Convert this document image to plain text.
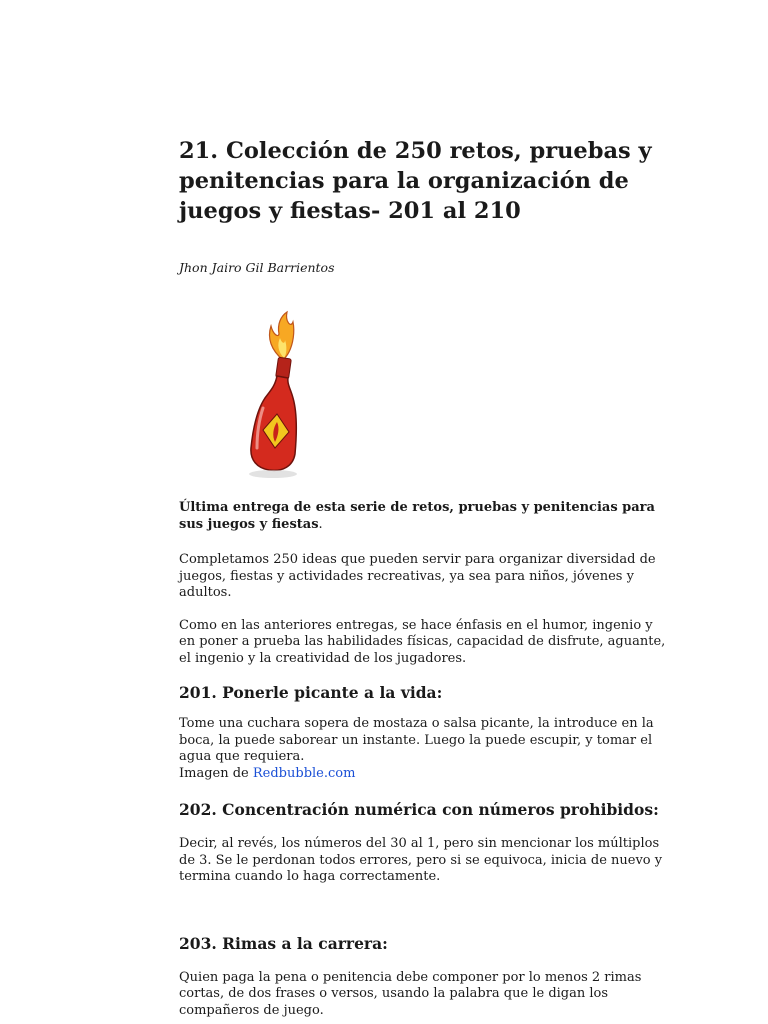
21. Colección de 250 retos, pruebas y penitencias para la organización de juegos y fiestas- 201 al 210
Jhon Jairo Gil Barrientos

Última entrega de esta serie de retos, pruebas y penitencias para sus juegos y fiestas.

Completamos 250 ideas que pueden servir para organizar diversidad de juegos, fiestas y actividades recreativas, ya sea para niños, jóvenes y adultos.

Como en las anteriores entregas, se hace énfasis en el humor, ingenio y en poner a prueba las habilidades físicas, capacidad de disfrute, aguante, el ingenio y la creatividad de los jugadores.

201. Ponerle picante a la vida:

Tome una cuchara sopera de mostaza o salsa picante, la introduce en la boca, la puede saborear un instante. Luego la puede escupir, y tomar el agua que requiera.
Imagen de Redbubble.com

202. Concentración numérica con números prohibidos:

Decir, al revés, los números del 30 al 1, pero sin mencionar los múltiplos de 3. Se le perdonan todos errores, pero si se equivoca, inicia de nuevo y termina cuando lo haga correctamente.

203. Rimas a la carrera:

Quien paga la pena o penitencia debe componer por lo menos 2 rimas cortas, de dos frases o versos, usando la palabra que le digan los compañeros de juego.
